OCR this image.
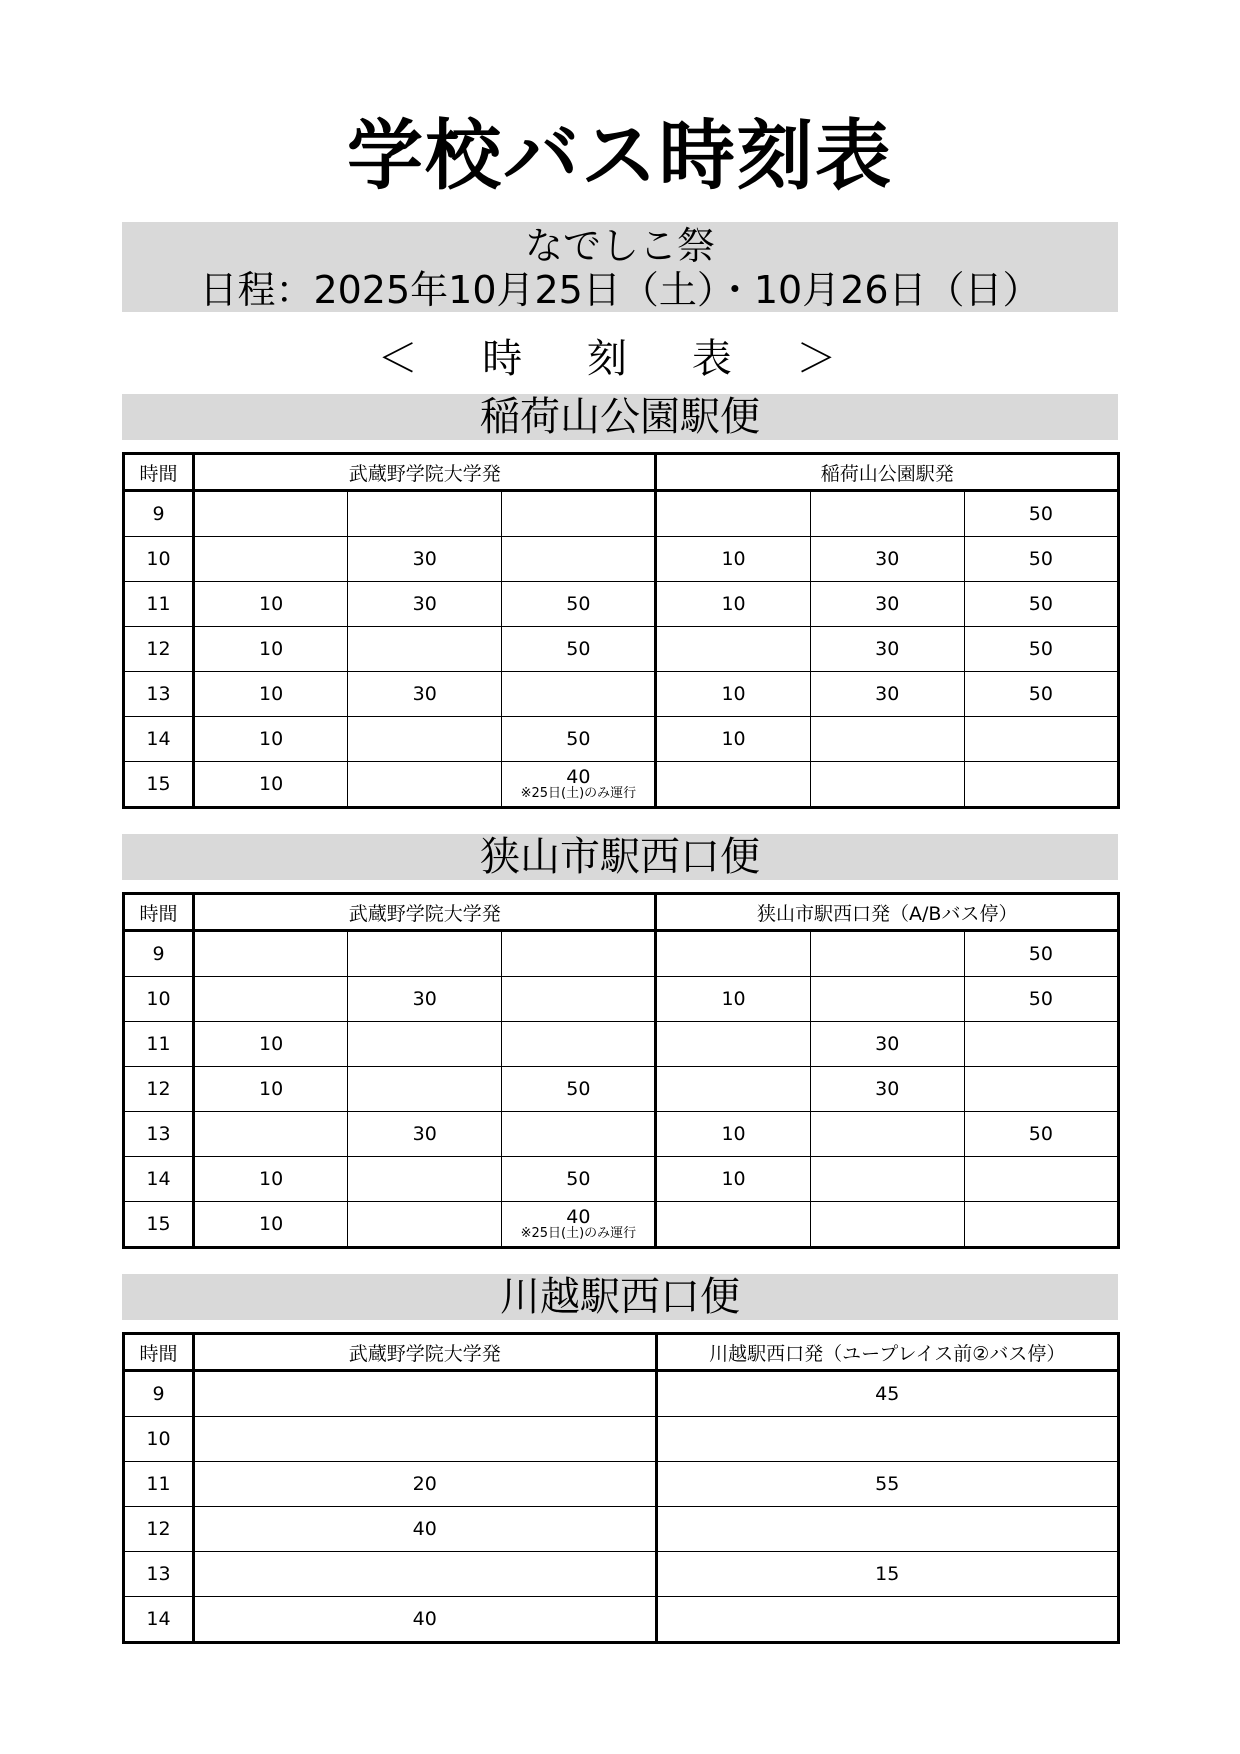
学校バス時刻表
なでしこ祭
日程：2025年10月25日（土）・10月26日（日）
＜ 時 刻 表 ＞
稲荷山公園駅便
時間	武蔵野学院大学発			稲荷山公園駅発		
9						50
10		30		10	30	50
11	10	30	50	10	30	50
12	10		50		30	50
13	10	30		10	30	50
14	10		50	10		
15	10		40
※25日(土)のみ運行			

狭山市駅西口便
時間	武蔵野学院大学発			狭山市駅西口発（A/Bバス停）		
9						50
10		30		10		50
11	10				30	
12	10		50		30	
13		30		10		50
14	10		50	10		
15	10		40
※25日(土)のみ運行			

川越駅西口便
時間	武蔵野学院大学発	川越駅西口発（ユープレイス前②バス停）
9		45
10		
11	20	55
12	40	
13		15
14	40	
